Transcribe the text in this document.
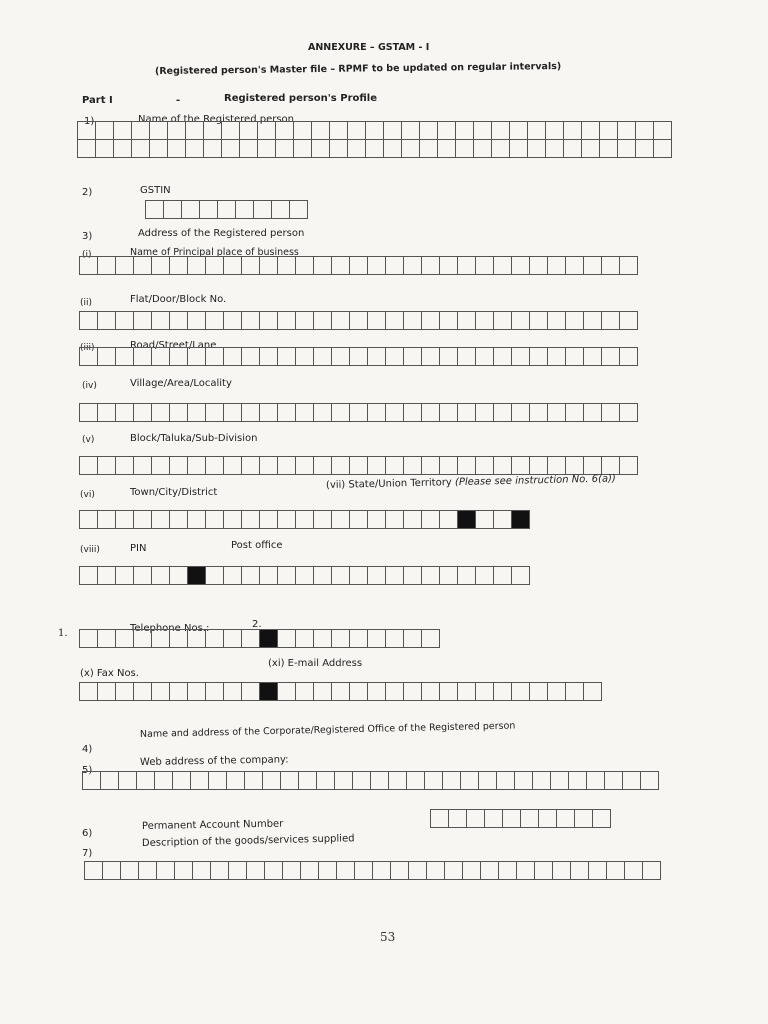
ANNEXURE – GSTAM - I
(Registered person's Master file – RPMF to be updated on regular intervals)
Part I	-	Registered person's Profile
1)	Name of the Registered person
2)	GSTIN
3)	Address of the Registered person
(i)	Name of Principal place of business
(ii)	Flat/Door/Block No.
(iii)	Road/Street/Lane
(iv)	Village/Area/Locality
(v)	Block/Taluka/Sub-Division
(vi)	Town/City/District
(vii) State/Union Territory (Please see instruction No. 6(a))
(viii)	PIN	Post office
1.	Telephone Nos.:	2.
(x) Fax Nos.
(xi) E-mail Address
4)
Name and address of the Corporate/Registered Office of the Registered person
5)
Web address of the company:
6)
Permanent Account Number
7)
Description of the goods/services supplied
53
